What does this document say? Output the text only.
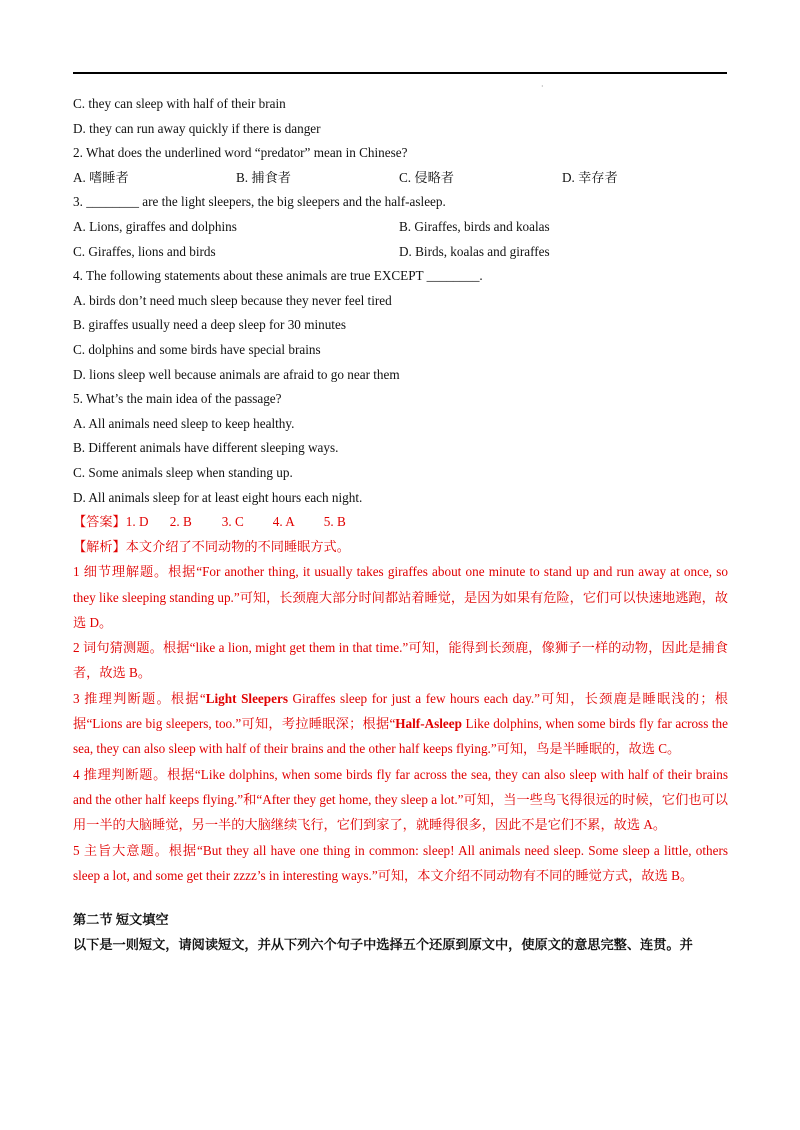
·
C. they can sleep with half of their brain
D. they can run away quickly if there is danger
2. What does the underlined word “predator” mean in Chinese?
A. 嗜睡者	B. 捕食者	C. 侵略者	D. 幸存者
3. ________ are the light sleepers, the big sleepers and the half-asleep.
A. Lions, giraffes and dolphins	B. Giraffes, birds and koalas
C. Giraffes, lions and birds	D. Birds, koalas and giraffes
4. The following statements about these animals are true EXCEPT ________.
A. birds don’t need much sleep because they never feel tired
B. giraffes usually need a deep sleep for 30 minutes
C. dolphins and some birds have special brains
D. lions sleep well because animals are afraid to go near them
5. What’s the main idea of the passage?
A. All animals need sleep to keep healthy.
B. Different animals have different sleeping ways.
C. Some animals sleep when standing up.
D. All animals sleep for at least eight hours each night.
【答案】1. D 2. B 3. C 4. A 5. B
【解析】本文介绍了不同动物的不同睡眠方式。
1 细节理解题。根据“For another thing, it usually takes giraffes about one minute to stand up and run away at once, so they like sleeping standing up.”可知，长颈鹿大部分时间都站着睡觉，是因为如果有危险，它们可以快速地逃跑，故选 D。
2 词句猜测题。根据“like a lion, might get them in that time.”可知，能得到长颈鹿，像狮子一样的动物，因此是捕食者，故选 B。
3 推理判断题。根据“Light Sleepers Giraffes sleep for just a few hours each day.”可知，长颈鹿是睡眠浅的；根据“Lions are big sleepers, too.”可知，考拉睡眠深；根据“Half-Asleep Like dolphins, when some birds fly far across the sea, they can also sleep with half of their brains and the other half keeps flying.”可知，鸟是半睡眠的，故选 C。
4 推理判断题。根据“Like dolphins, when some birds fly far across the sea, they can also sleep with half of their brains and the other half keeps flying.”和“After they get home, they sleep a lot.”可知，当一些鸟飞得很远的时候，它们也可以用一半的大脑睡觉，另一半的大脑继续飞行，它们到家了，就睡得很多，因此不是它们不累，故选 A。
5 主旨大意题。根据“But they all have one thing in common: sleep! All animals need sleep. Some sleep a little, others sleep a lot, and some get their zzzz’s in interesting ways.”可知，本文介绍不同动物有不同的睡觉方式，故选 B。
第二节 短文填空
以下是一则短文，请阅读短文，并从下列六个句子中选择五个还原到原文中，使原文的意思完整、连贯。并
